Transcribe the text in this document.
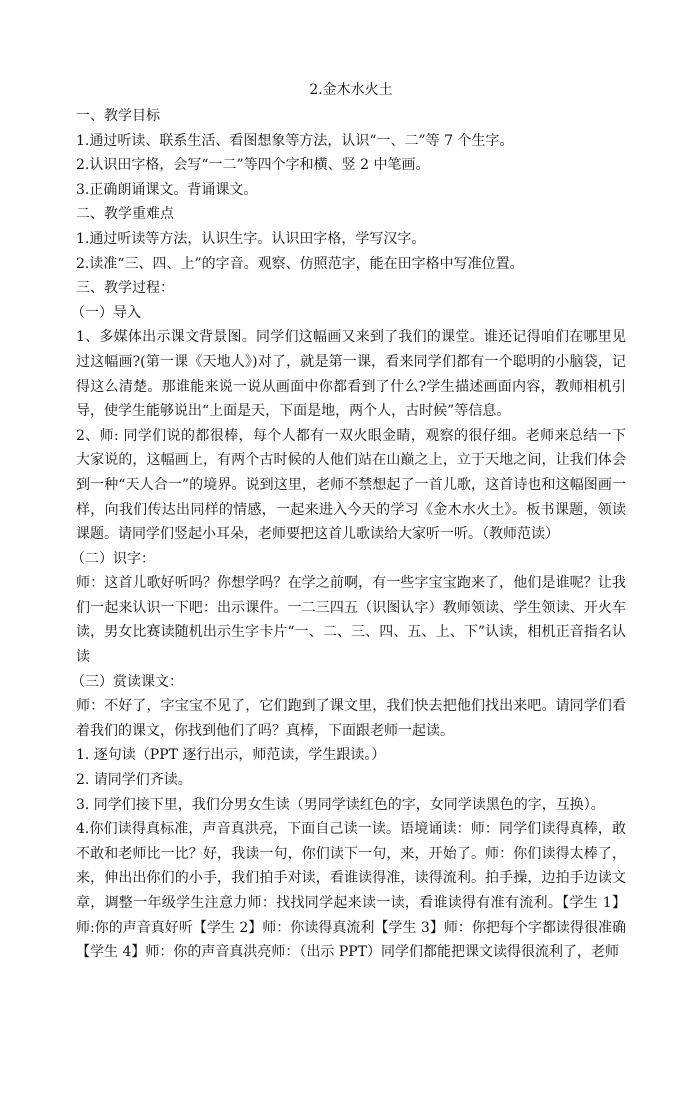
2.金木水火土

一、教学目标

1.通过听读、联系生活、看图想象等方法，认识“一、二”等 7 个生字。

2.认识田字格，会写“一二”等四个字和横、竖 2 中笔画。

3.正确朗诵课文。背诵课文。

二、教学重难点

1.通过听读等方法，认识生字。认识田字格，学写汉字。

2.读准“三、四、上”的字音。观察、仿照范字，能在田字格中写准位置。

三、教学过程：

（一）导入

1、多媒体出示课文背景图。同学们这幅画又来到了我们的课堂。谁还记得咱们在哪里见过这幅画?(第一课《天地人》)对了，就是第一课，看来同学们都有一个聪明的小脑袋，记得这么清楚。那谁能来说一说从画面中你都看到了什么?学生描述画面内容，教师相机引导，使学生能够说出“上面是天，下面是地，两个人，古时候”等信息。

2、师: 同学们说的都很棒，每个人都有一双火眼金睛，观察的很仔细。老师来总结一下大家说的，这幅画上，有两个古时候的人他们站在山巅之上，立于天地之间，让我们体会到一种“天人合一”的境界。说到这里，老师不禁想起了一首儿歌，这首诗也和这幅图画一样，向我们传达出同样的情感，一起来进入今天的学习《金木水火土》。板书课题，领读课题。请同学们竖起小耳朵，老师要把这首儿歌读给大家听一听。（教师范读）

（二）识字：

师：这首儿歌好听吗？你想学吗？在学之前啊，有一些字宝宝跑来了，他们是谁呢？让我们一起来认识一下吧：出示课件。一二三四五（识图认字）教师领读、学生领读、开火车读，男女比赛读随机出示生字卡片“一、二、三、四、五、上、下”认读，相机正音指名认读

（三）赏读课文：

师：不好了，字宝宝不见了，它们跑到了课文里，我们快去把他们找出来吧。请同学们看着我们的课文，你找到他们了吗？真棒，下面跟老师一起读。

1. 逐句读（PPT 逐行出示，师范读，学生跟读。）

2. 请同学们齐读。

3. 同学们接下里，我们分男女生读（男同学读红色的字，女同学读黑色的字，互换）。

4.你们读得真标准，声音真洪亮，下面自己读一读。语境诵读：师：同学们读得真棒，敢不敢和老师比一比？好，我读一句，你们读下一句，来，开始了。师：你们读得太棒了，来，伸出出你们的小手，我们拍手对读，看谁读得准，读得流利。拍手操，边拍手边读文章，调整一年级学生注意力师：找找同学起来读一读，看谁读得有准有流利。【学生 1】师:你的声音真好听【学生 2】师：你读得真流利【学生 3】师：你把每个字都读得很准确【学生 4】师：你的声音真洪亮师：（出示 PPT）同学们都能把课文读得很流利了，老师
